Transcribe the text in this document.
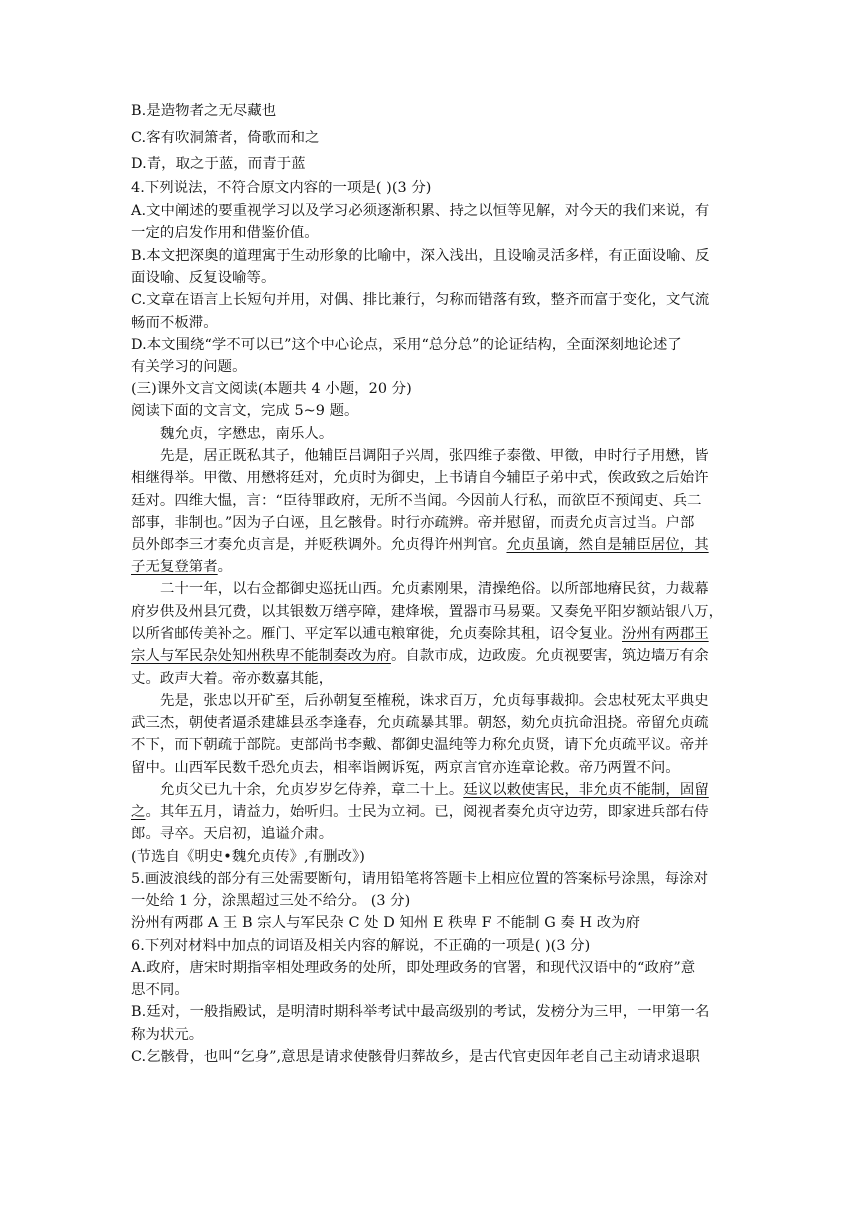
B.是造物者之无尽藏也
C.客有吹洞箫者，倚歌而和之
D.青，取之于蓝，而青于蓝
4.下列说法，不符合原文内容的一项是( )(3 分)
A.文中阐述的要重视学习以及学习必须逐渐积累、持之以恒等见解，对今天的我们来说，有
一定的启发作用和借鉴价值。
B.本文把深奥的道理寓于生动形象的比喻中，深入浅出，且设喻灵活多样，有正面设喻、反
面设喻、反复设喻等。
C.文章在语言上长短句并用，对偶、排比兼行，匀称而错落有致，整齐而富于变化，文气流
畅而不板滞。
D.本文围绕“学不可以已”这个中心论点，采用“总分总”的论证结构，全面深刻地论述了
有关学习的问题。
(三)课外文言文阅读(本题共 4 小题，20 分)
阅读下面的文言文，完成 5~9 题。
魏允贞，字懋忠，南乐人。
先是，居正既私其子，他辅臣吕调阳子兴周，张四维子泰徵、甲徵，申时行子用懋，皆
相继得举。甲徵、用懋将廷对，允贞时为御史，上书请自今辅臣子弟中式，俟政致之后始许
廷对。四维大愠，言：“臣待罪政府，无所不当闻。今因前人行私，而欲臣不预闻吏、兵二
部事，非制也。”因为子白诬，且乞骸骨。时行亦疏辨。帝并慰留，而责允贞言过当。户部
员外郎李三才奏允贞言是，并贬秩调外。允贞得许州判官。允贞虽谪，然自是辅臣居位，其
子无复登第者。
二十一年，以右佥都御史巡抚山西。允贞素刚果，清操绝俗。以所部地瘠民贫，力裁幕
府岁供及州县冗费，以其银数万缮亭障，建烽堠，置器市马易粟。又奏免平阳岁额站银八万，
以所省邮传美补之。雁门、平定军以逋屯粮窜徙，允贞奏除其租，诏令复业。汾州有两郡王
宗人与军民杂处知州秩卑不能制奏改为府。自款市成，边政废。允贞视要害，筑边墙万有余
丈。政声大着。帝亦数嘉其能，
先是，张忠以开矿至，后孙朝复至榷税，诛求百万，允贞每事裁抑。会忠杖死太平典史
武三杰，朝使者逼杀建雄县丞李逢春，允贞疏暴其罪。朝怒，劾允贞抗命沮挠。帝留允贞疏
不下，而下朝疏于部院。吏部尚书李戴、都御史温纯等力称允贞贤，请下允贞疏平议。帝并
留中。山西军民数千恐允贞去，相率诣阙诉冤，两京言官亦连章论救。帝乃两置不问。
允贞父已九十余，允贞岁岁乞侍养，章二十上。廷议以敕使害民，非允贞不能制，固留
之。其年五月，请益力，始听归。士民为立祠。已，阅视者奏允贞守边劳，即家进兵部右侍
郎。寻卒。天启初，追谥介肃。
(节选自《明史•魏允贞传》,有删改》)
5.画波浪线的部分有三处需要断句，请用铅笔将答题卡上相应位置的答案标号涂黑，每涂对
一处给 1 分，涂黑超过三处不给分。 (3 分)
汾州有两郡 A 王 B 宗人与军民杂 C 处 D 知州 E 秩卑 F 不能制 G 奏 H 改为府
6.下列对材料中加点的词语及相关内容的解说，不正确的一项是( )(3 分)
A.政府，唐宋时期指宰相处理政务的处所，即处理政务的官署，和现代汉语中的“政府”意
思不同。
B.廷对，一般指殿试，是明清时期科举考试中最高级别的考试，发榜分为三甲，一甲第一名
称为状元。
C.乞骸骨，也叫“乞身”,意思是请求使骸骨归葬故乡，是古代官吏因年老自己主动请求退职
